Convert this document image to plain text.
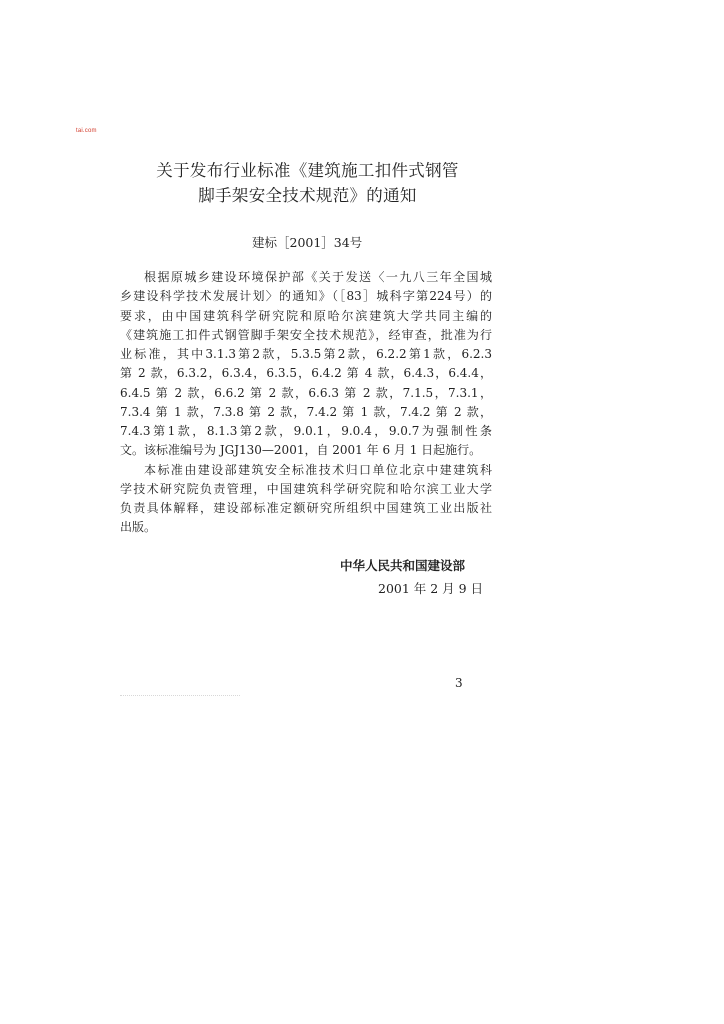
tai.com
关于发布行业标准《建筑施工扣件式钢管
脚手架安全技术规范》的通知
建标［2001］34号
根据原城乡建设环境保护部《关于发送〈一九八三年全国城
乡建设科学技术发展计划〉的通知》（［83］城科字第224号）的
要求，由中国建筑科学研究院和原哈尔滨建筑大学共同主编的
《建筑施工扣件式钢管脚手架安全技术规范》，经审查，批准为行
业标准，其中3.1.3第2款，5.3.5第2款，6.2.2第1款，6.2.3
第 2 款，6.3.2，6.3.4，6.3.5，6.4.2 第 4 款，6.4.3，6.4.4，
6.4.5 第 2 款，6.6.2 第 2 款，6.6.3 第 2 款，7.1.5，7.3.1，
7.3.4 第 1 款，7.3.8 第 2 款，7.4.2 第 1 款，7.4.2 第 2 款，
7.4.3第1款，8.1.3第2款，9.0.1，9.0.4，9.0.7为强制性条
文。该标准编号为 JGJ130—2001，自 2001 年 6 月 1 日起施行。
本标准由建设部建筑安全标准技术归口单位北京中建建筑科
学技术研究院负责管理，中国建筑科学研究院和哈尔滨工业大学
负责具体解释，建设部标准定额研究所组织中国建筑工业出版社
出版。
中华人民共和国建设部
2001 年 2 月 9 日
3
